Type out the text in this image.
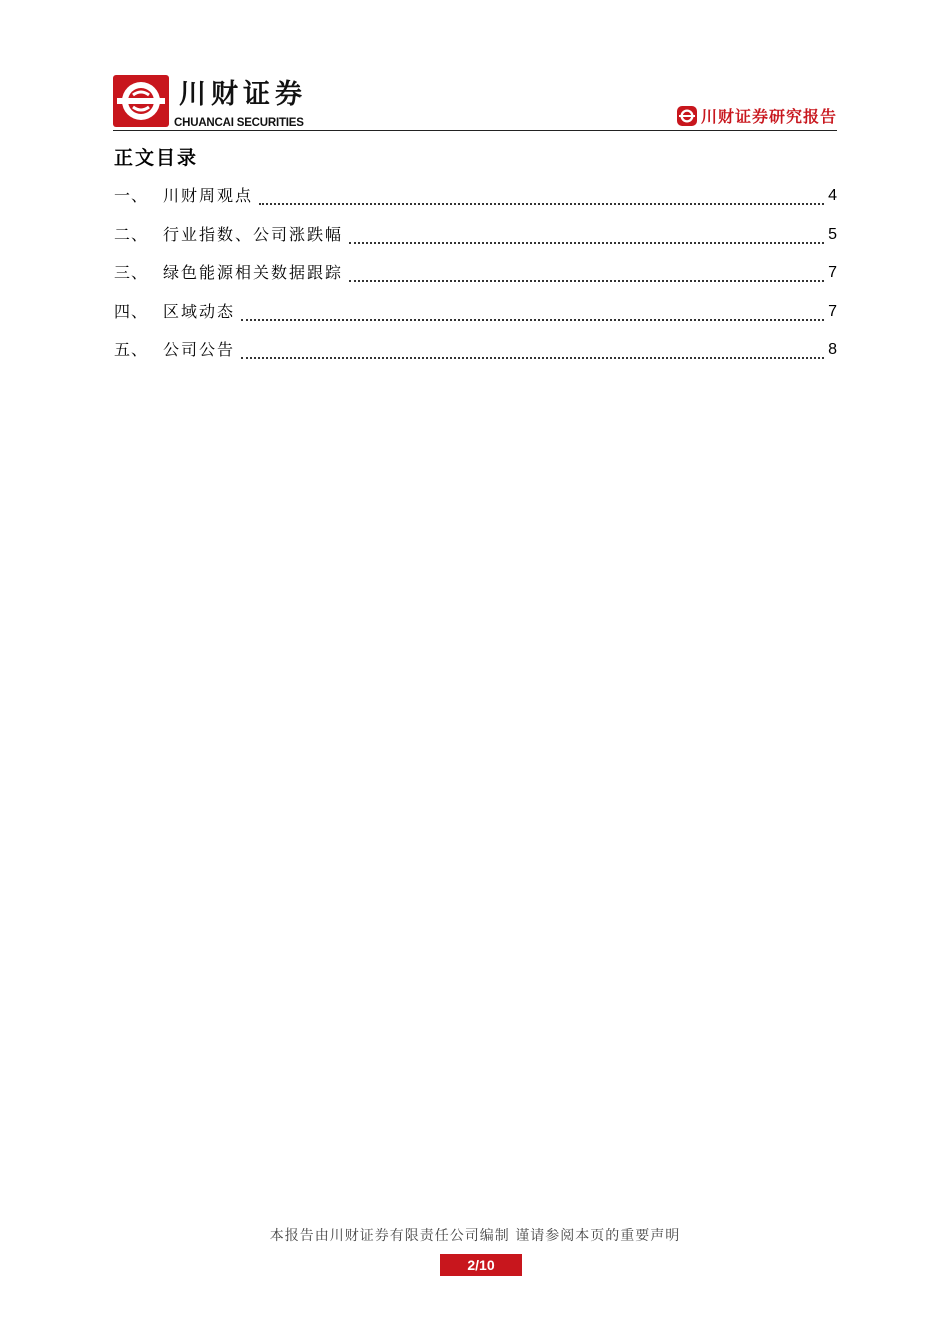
川财证券
CHUANCAI SECURITIES	川财证券研究报告
正文目录
一、 川财周观点	4
二、 行业指数、公司涨跌幅	5
三、 绿色能源相关数据跟踪	7
四、 区域动态	7
五、 公司公告	8
本报告由川财证券有限责任公司编制 谨请参阅本页的重要声明
2/10
